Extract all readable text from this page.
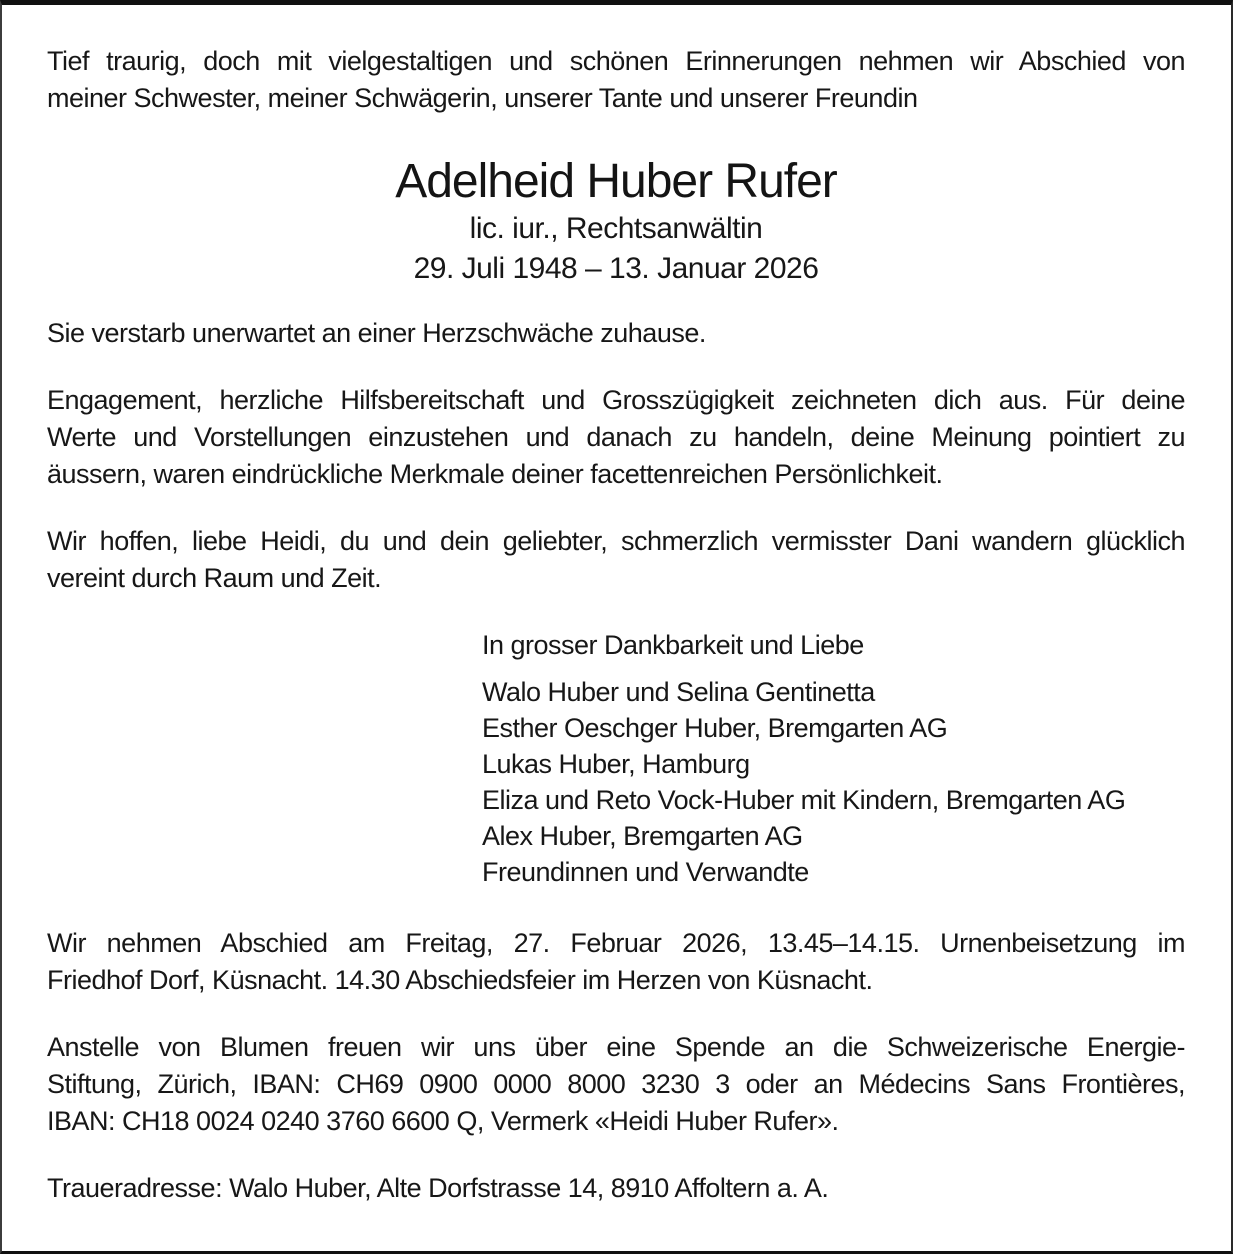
Tief traurig, doch mit vielgestaltigen und schönen Erinnerungen nehmen wir Abschied von
meiner Schwester, meiner Schwägerin, unserer Tante und unserer Freundin
Adelheid Huber Rufer
lic. iur., Rechtsanwältin
29. Juli 1948 – 13. Januar 2026
Sie verstarb unerwartet an einer Herzschwäche zuhause.
Engagement, herzliche Hilfsbereitschaft und Grosszügigkeit zeichneten dich aus. Für deine
Werte und Vorstellungen einzustehen und danach zu handeln, deine Meinung pointiert zu
äussern, waren eindrückliche Merkmale deiner facettenreichen Persönlichkeit.
Wir hoffen, liebe Heidi, du und dein geliebter, schmerzlich vermisster Dani wandern glücklich
vereint durch Raum und Zeit.
In grosser Dankbarkeit und Liebe
Walo Huber und Selina Gentinetta
Esther Oeschger Huber, Bremgarten AG
Lukas Huber, Hamburg
Eliza und Reto Vock-Huber mit Kindern, Bremgarten AG
Alex Huber, Bremgarten AG
Freundinnen und Verwandte
Wir nehmen Abschied am Freitag, 27. Februar 2026, 13.45–14.15. Urnenbeisetzung im
Friedhof Dorf, Küsnacht. 14.30 Abschiedsfeier im Herzen von Küsnacht.
Anstelle von Blumen freuen wir uns über eine Spende an die Schweizerische Energie-
Stiftung, Zürich, IBAN: CH69 0900 0000 8000 3230 3 oder an Médecins Sans Frontières,
IBAN: CH18 0024 0240 3760 6600 Q, Vermerk «Heidi Huber Rufer».
Traueradresse: Walo Huber, Alte Dorfstrasse 14, 8910 Affoltern a. A.
